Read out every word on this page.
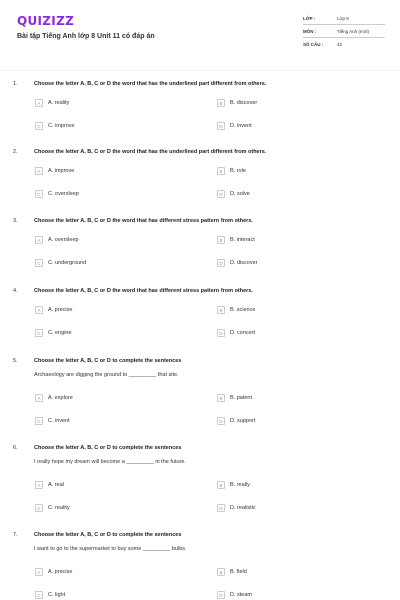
QUIZIZZ
Bài tập Tiếng Anh lớp 8 Unit 11 có đáp án
LỚP :	Lớp 8
MÔN :	Tiếng Anh (mới)
SỐ CÂU :	42
1.	Choose the letter A, B, C or D the word that has the underlined part different from others.
A	A. reality	B	B. discover
C	C. improve	D	D. invent
2.	Choose the letter A, B, C or D the word that has the underlined part different from others.
A	A. improve	B	B. role
C	C. oversleep	D	D. solve
3.	Choose the letter A, B, C or D the word that has different stress pattern from others.
A	A. oversleep	B	B. interact
C	C. underground	D	D. discover
4.	Choose the letter A, B, C or D the word that has different stress pattern from others.
A	A. precise	B	B. science
C	C. engine	D	D. concert
5.	Choose the letter A, B, C or D to complete the sentences
Archaeology are digging the ground to _________ that site.
A	A. explore	B	B. patent
C	C. invent	D	D. support
6.	Choose the letter A, B, C or D to complete the sentences
I really hope my dream will become a _________ in the future.
A	A. real	B	B. really
C	C. reality	D	D. realistic
7.	Choose the letter A, B, C or D to complete the sentences
I want to go to the supermarket to buy some _________ bulbs.
A	A. precise	B	B. field
C	C. light	D	D. steam
